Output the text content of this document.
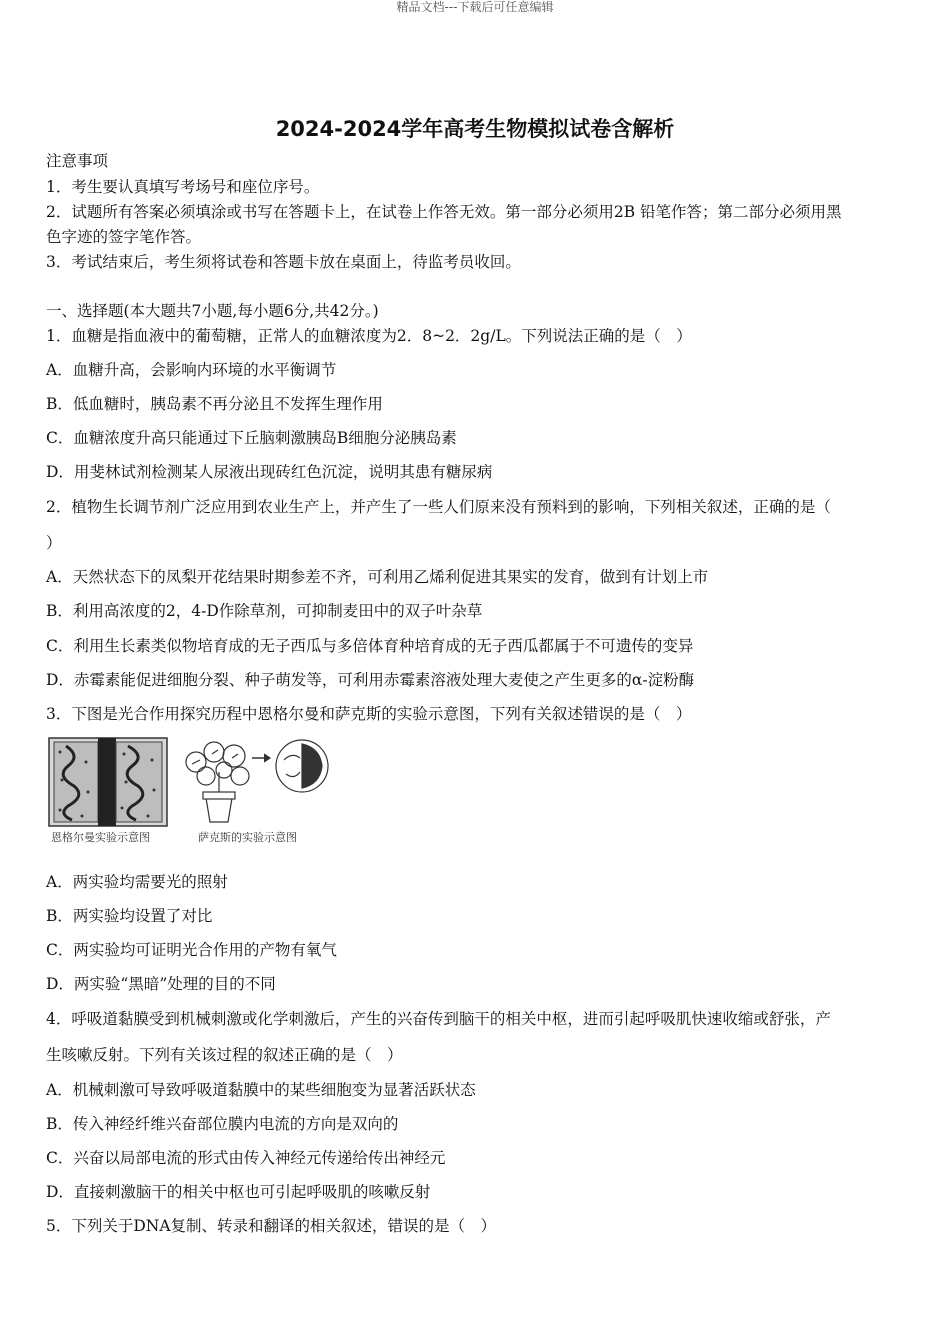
精品文档---下载后可任意编辑
2024-2024学年高考生物模拟试卷含解析
注意事项
1．考生要认真填写考场号和座位序号。
2．试题所有答案必须填涂或书写在答题卡上，在试卷上作答无效。第一部分必须用2B 铅笔作答；第二部分必须用黑
色字迹的签字笔作答。
3．考试结束后，考生须将试卷和答题卡放在桌面上，待监考员收回。
一、选择题(本大题共7小题,每小题6分,共42分。)
1．血糖是指血液中的葡萄糖，正常人的血糖浓度为2．8~2．2g/L。下列说法正确的是（　）
A．血糖升高，会影响内环境的水平衡调节
B．低血糖时，胰岛素不再分泌且不发挥生理作用
C．血糖浓度升高只能通过下丘脑刺激胰岛B细胞分泌胰岛素
D．用斐林试剂检测某人尿液出现砖红色沉淀，说明其患有糖尿病
2．植物生长调节剂广泛应用到农业生产上，并产生了一些人们原来没有预料到的影响，下列相关叙述，正确的是（
）
A．天然状态下的凤梨开花结果时期参差不齐，可利用乙烯利促进其果实的发育，做到有计划上市
B．利用高浓度的2，4-D作除草剂，可抑制麦田中的双子叶杂草
C．利用生长素类似物培育成的无子西瓜与多倍体育种培育成的无子西瓜都属于不可遗传的变异
D．赤霉素能促进细胞分裂、种子萌发等，可利用赤霉素溶液处理大麦使之产生更多的α-淀粉酶
3．下图是光合作用探究历程中恩格尔曼和萨克斯的实验示意图，下列有关叙述错误的是（　）
恩格尔曼实验示意图	萨克斯的实验示意图
A．两实验均需要光的照射
B．两实验均设置了对比
C．两实验均可证明光合作用的产物有氧气
D．两实验“黑暗”处理的目的不同
4．呼吸道黏膜受到机械刺激或化学刺激后，产生的兴奋传到脑干的相关中枢，进而引起呼吸肌快速收缩或舒张，产
生咳嗽反射。下列有关该过程的叙述正确的是（　）
A．机械刺激可导致呼吸道黏膜中的某些细胞变为显著活跃状态
B．传入神经纤维兴奋部位膜内电流的方向是双向的
C．兴奋以局部电流的形式由传入神经元传递给传出神经元
D．直接刺激脑干的相关中枢也可引起呼吸肌的咳嗽反射
5．下列关于DNA复制、转录和翻译的相关叙述，错误的是（　）
